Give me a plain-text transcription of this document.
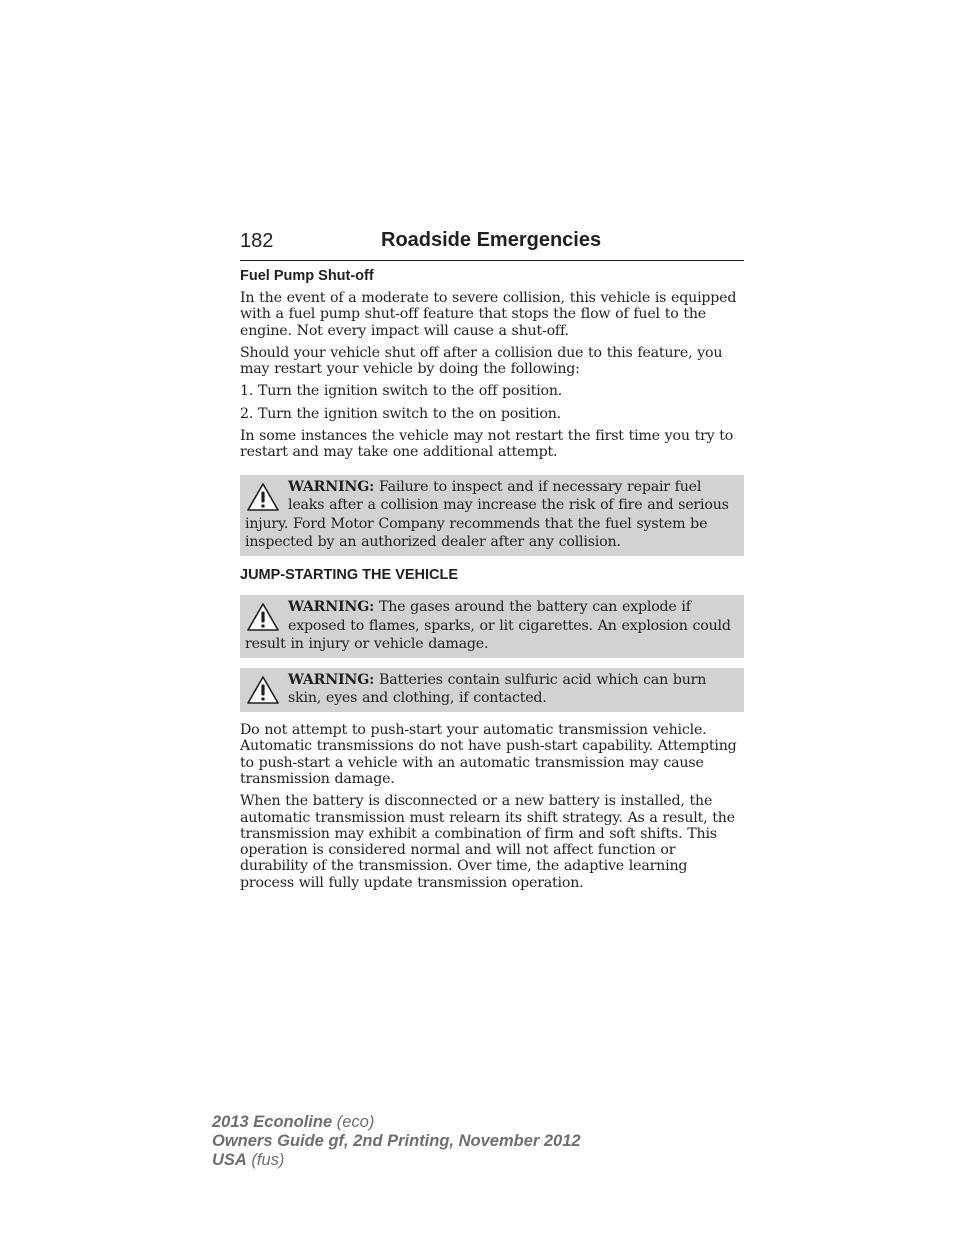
182	Roadside Emergencies
Fuel Pump Shut-off

In the event of a moderate to severe collision, this vehicle is equipped with a fuel pump shut-off feature that stops the flow of fuel to the engine. Not every impact will cause a shut-off.

Should your vehicle shut off after a collision due to this feature, you may restart your vehicle by doing the following:

1. Turn the ignition switch to the off position.

2. Turn the ignition switch to the on position.

In some instances the vehicle may not restart the first time you try to restart and may take one additional attempt.

WARNING: Failure to inspect and if necessary repair fuel leaks after a collision may increase the risk of fire and serious injury. Ford Motor Company recommends that the fuel system be inspected by an authorized dealer after any collision.
JUMP-STARTING THE VEHICLE
WARNING: The gases around the battery can explode if exposed to flames, sparks, or lit cigarettes. An explosion could result in injury or vehicle damage.
WARNING: Batteries contain sulfuric acid which can burn skin, eyes and clothing, if contacted.

Do not attempt to push-start your automatic transmission vehicle. Automatic transmissions do not have push-start capability. Attempting to push-start a vehicle with an automatic transmission may cause transmission damage.

When the battery is disconnected or a new battery is installed, the automatic transmission must relearn its shift strategy. As a result, the transmission may exhibit a combination of firm and soft shifts. This operation is considered normal and will not affect function or durability of the transmission. Over time, the adaptive learning process will fully update transmission operation.

2013 Econoline (eco)
Owners Guide gf, 2nd Printing, November 2012
USA (fus)
